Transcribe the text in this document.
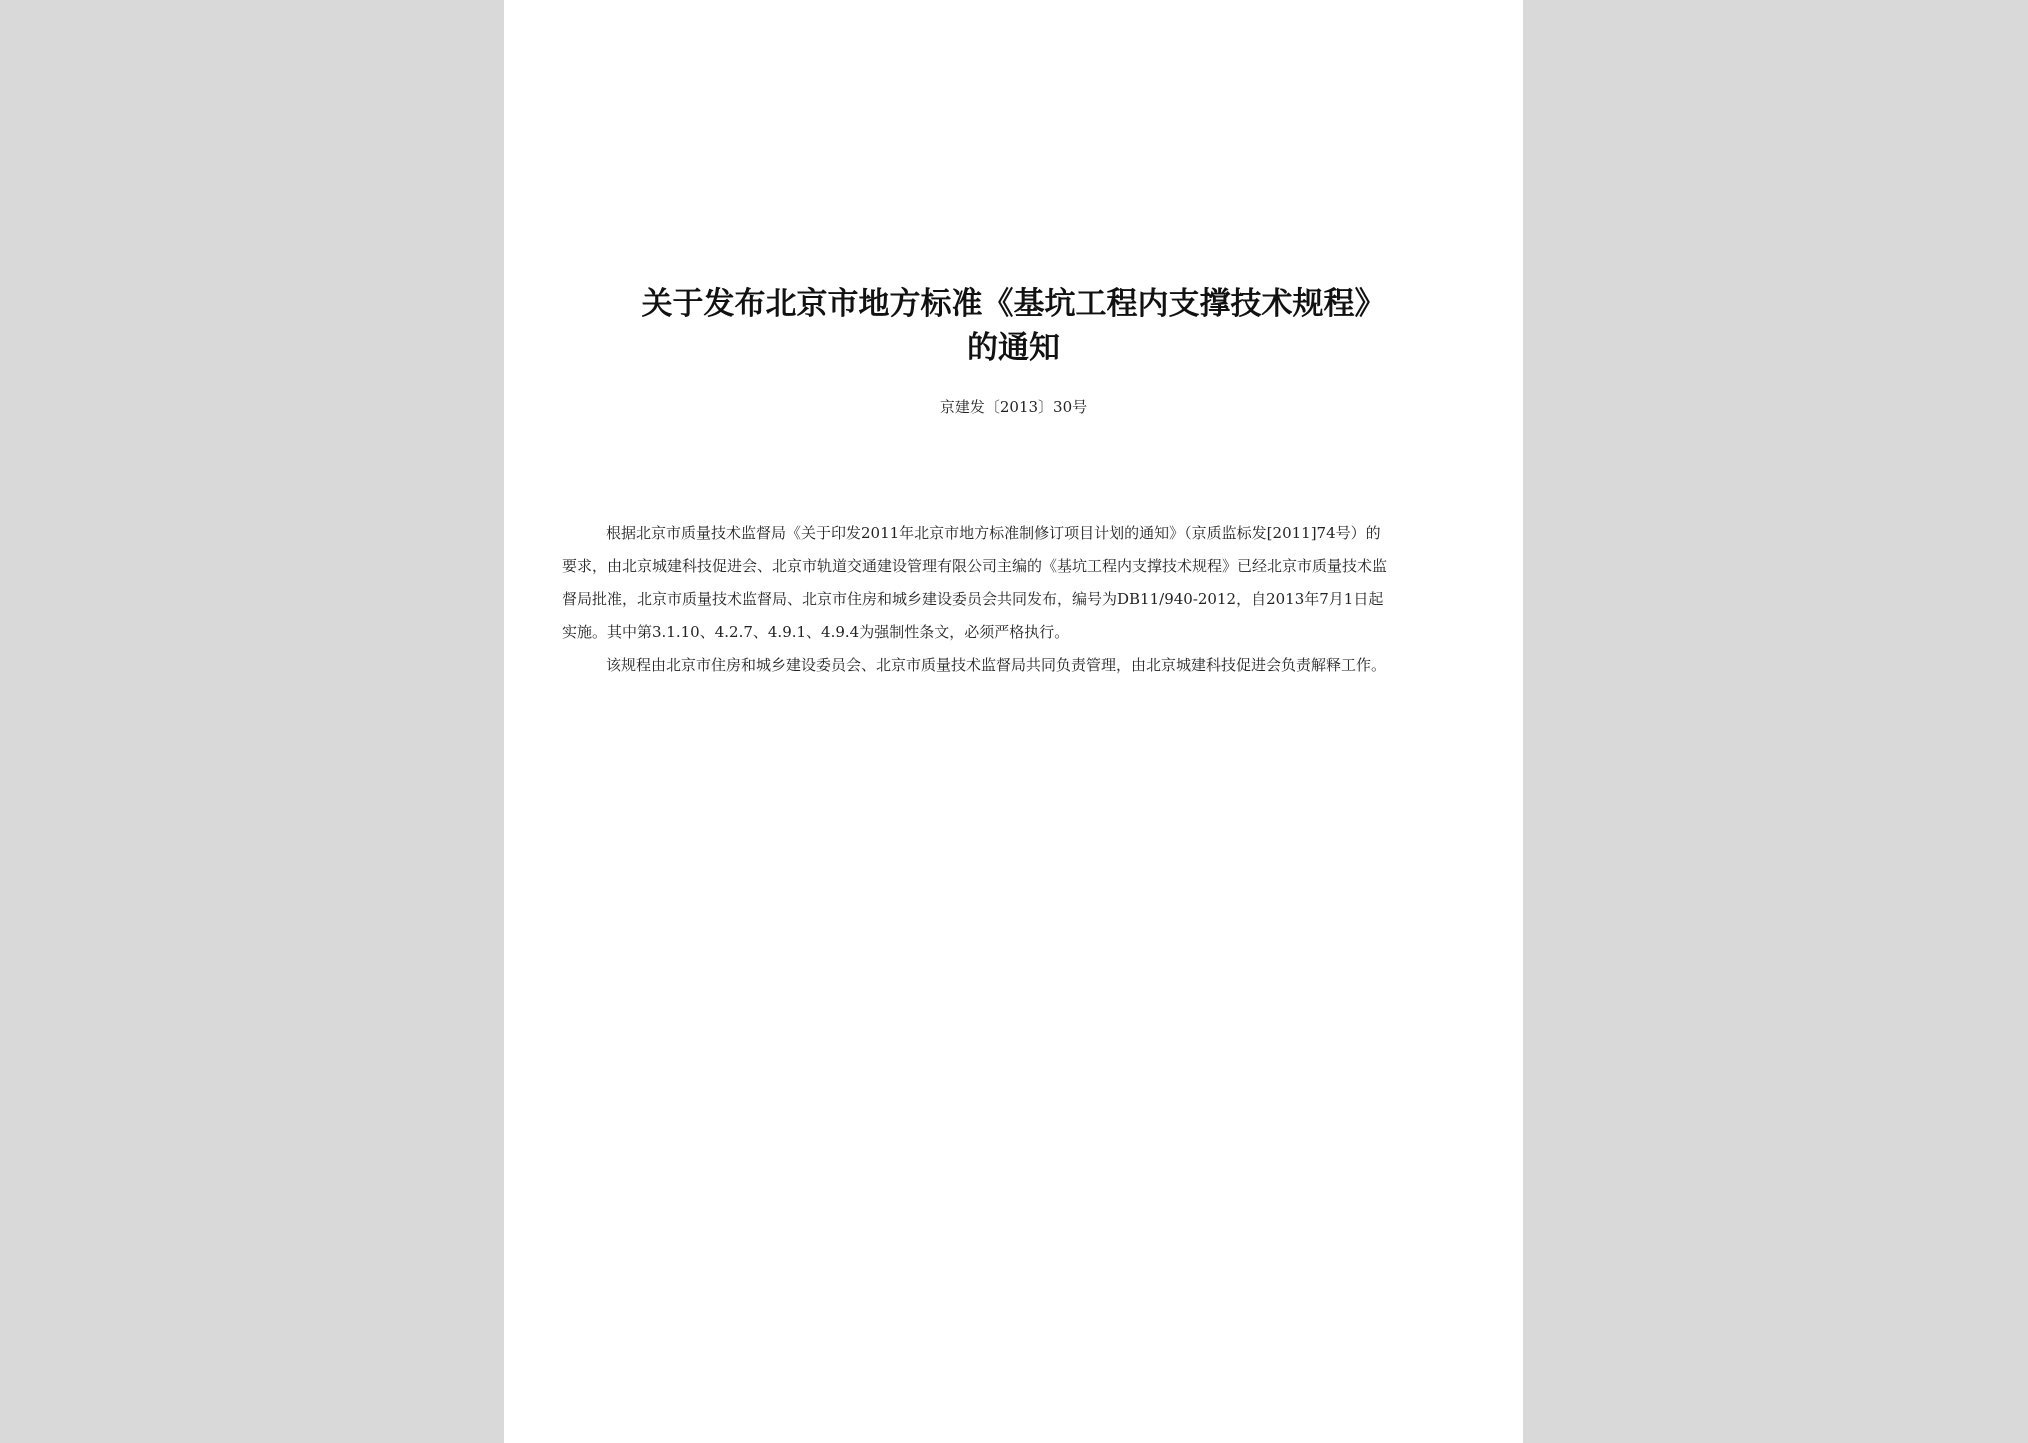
关于发布北京市地方标准《基坑工程内支撑技术规程》
的通知
京建发〔2013〕30号
根据北京市质量技术监督局《关于印发2011年北京市地方标准制修订项目计划的通知》（京质监标发[2011]74号）的
要求，由北京城建科技促进会、北京市轨道交通建设管理有限公司主编的《基坑工程内支撑技术规程》已经北京市质量技术监
督局批准，北京市质量技术监督局、北京市住房和城乡建设委员会共同发布，编号为DB11/940-2012，自2013年7月1日起
实施。其中第3.1.10、4.2.7、4.9.1、4.9.4为强制性条文，必须严格执行。
该规程由北京市住房和城乡建设委员会、北京市质量技术监督局共同负责管理，由北京城建科技促进会负责解释工作。
